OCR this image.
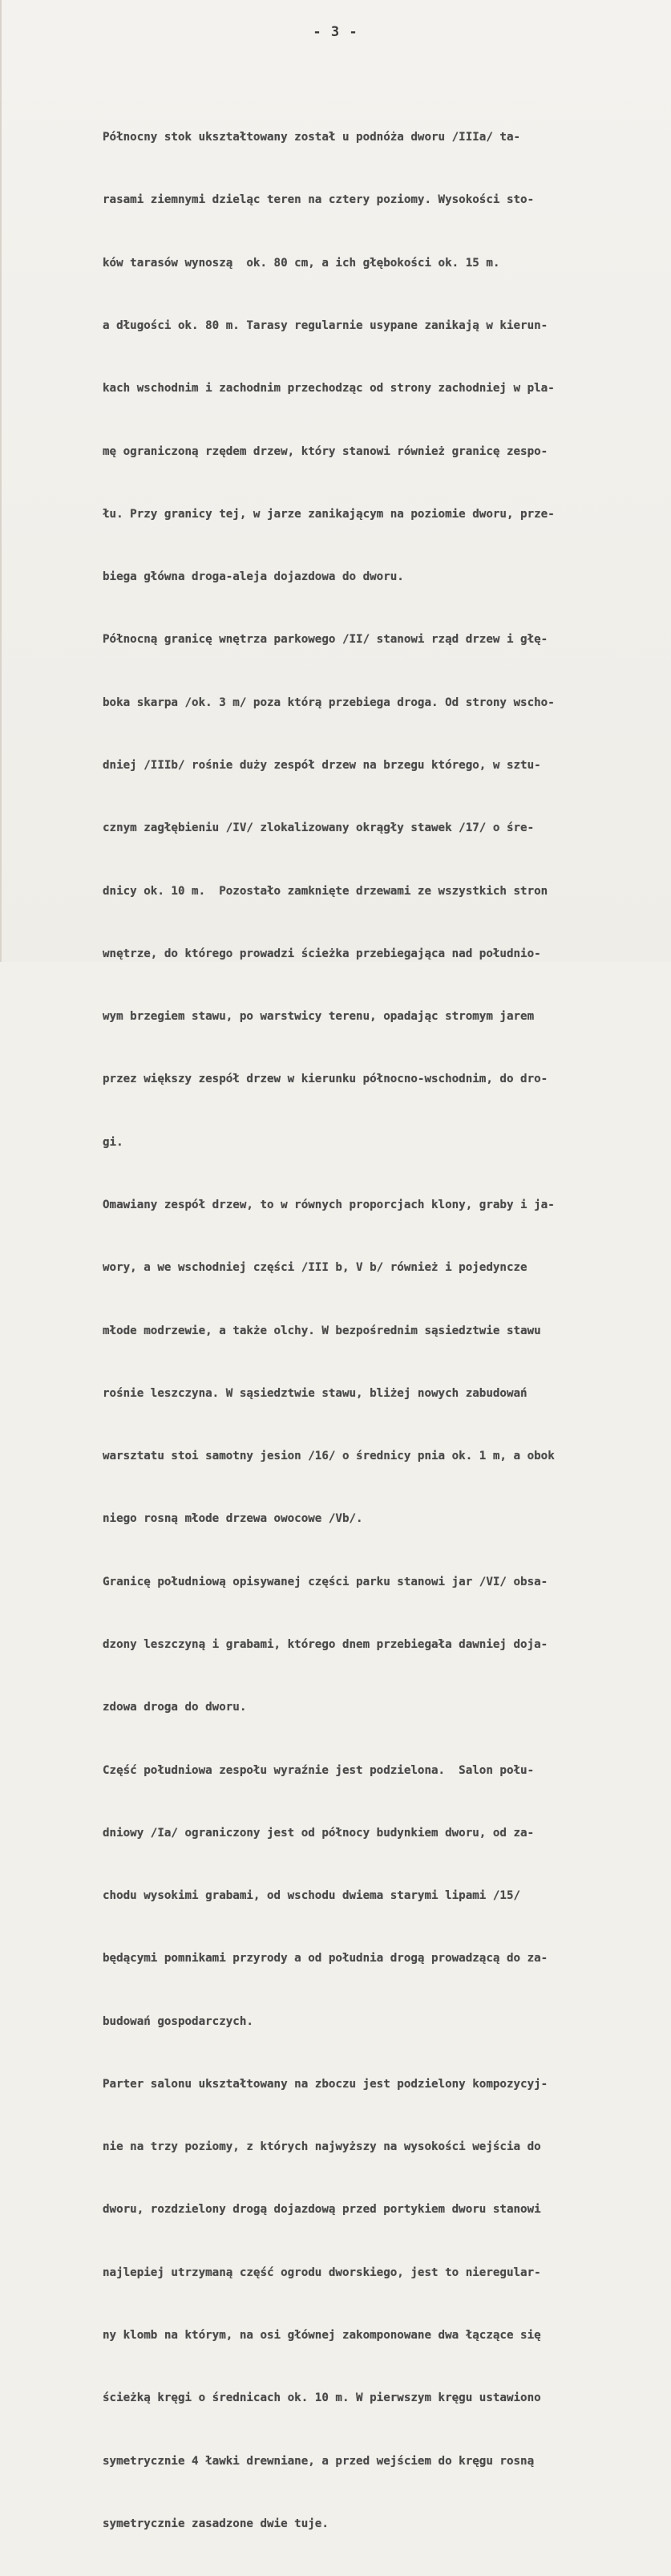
- 3 -

Północny stok ukształtowany został u podnóża dworu /IIIa/ ta-

rasami ziemnymi dzieląc teren na cztery poziomy. Wysokości sto-

ków tarasów wynoszą  ok. 80 cm, a ich głębokości ok. 15 m.

a długości ok. 80 m. Tarasy regularnie usypane zanikają w kierun-

kach wschodnim i zachodnim przechodząc od strony zachodniej w pla-

mę ograniczoną rzędem drzew, który stanowi również granicę zespo-

łu. Przy granicy tej, w jarze zanikającym na poziomie dworu, prze-

biega główna droga-aleja dojazdowa do dworu.

Północną granicę wnętrza parkowego /II/ stanowi rząd drzew i głę-

boka skarpa /ok. 3 m/ poza którą przebiega droga. Od strony wscho-

dniej /IIIb/ rośnie duży zespół drzew na brzegu którego, w sztu-

cznym zagłębieniu /IV/ zlokalizowany okrągły stawek /17/ o śre-

dnicy ok. 10 m.  Pozostało zamknięte drzewami ze wszystkich stron

wnętrze, do którego prowadzi ścieżka przebiegająca nad południo-

wym brzegiem stawu, po warstwicy terenu, opadając stromym jarem

przez większy zespół drzew w kierunku północno-wschodnim, do dro-

gi.

Omawiany zespół drzew, to w równych proporcjach klony, graby i ja-

wory, a we wschodniej części /III b, V b/ również i pojedyncze

młode modrzewie, a także olchy. W bezpośrednim sąsiedztwie stawu

rośnie leszczyna. W sąsiedztwie stawu, bliżej nowych zabudowań

warsztatu stoi samotny jesion /16/ o średnicy pnia ok. 1 m, a obok

niego rosną młode drzewa owocowe /Vb/.

Granicę południową opisywanej części parku stanowi jar /VI/ obsa-

dzony leszczyną i grabami, którego dnem przebiegała dawniej doja-

zdowa droga do dworu.

Część południowa zespołu wyraźnie jest podzielona.  Salon połu-

dniowy /Ia/ ograniczony jest od północy budynkiem dworu, od za-

chodu wysokimi grabami, od wschodu dwiema starymi lipami /15/

będącymi pomnikami przyrody a od południa drogą prowadzącą do za-

budowań gospodarczych.

Parter salonu ukształtowany na zboczu jest podzielony kompozycyj-

nie na trzy poziomy, z których najwyższy na wysokości wejścia do

dworu, rozdzielony drogą dojazdową przed portykiem dworu stanowi

najlepiej utrzymaną część ogrodu dworskiego, jest to nieregular-

ny klomb na którym, na osi głównej zakomponowane dwa łączące się

ścieżką kręgi o średnicach ok. 10 m. W pierwszym kręgu ustawiono

symetrycznie 4 ławki drewniane, a przed wejściem do kręgu rosną

symetrycznie zasadzone dwie tuje.
